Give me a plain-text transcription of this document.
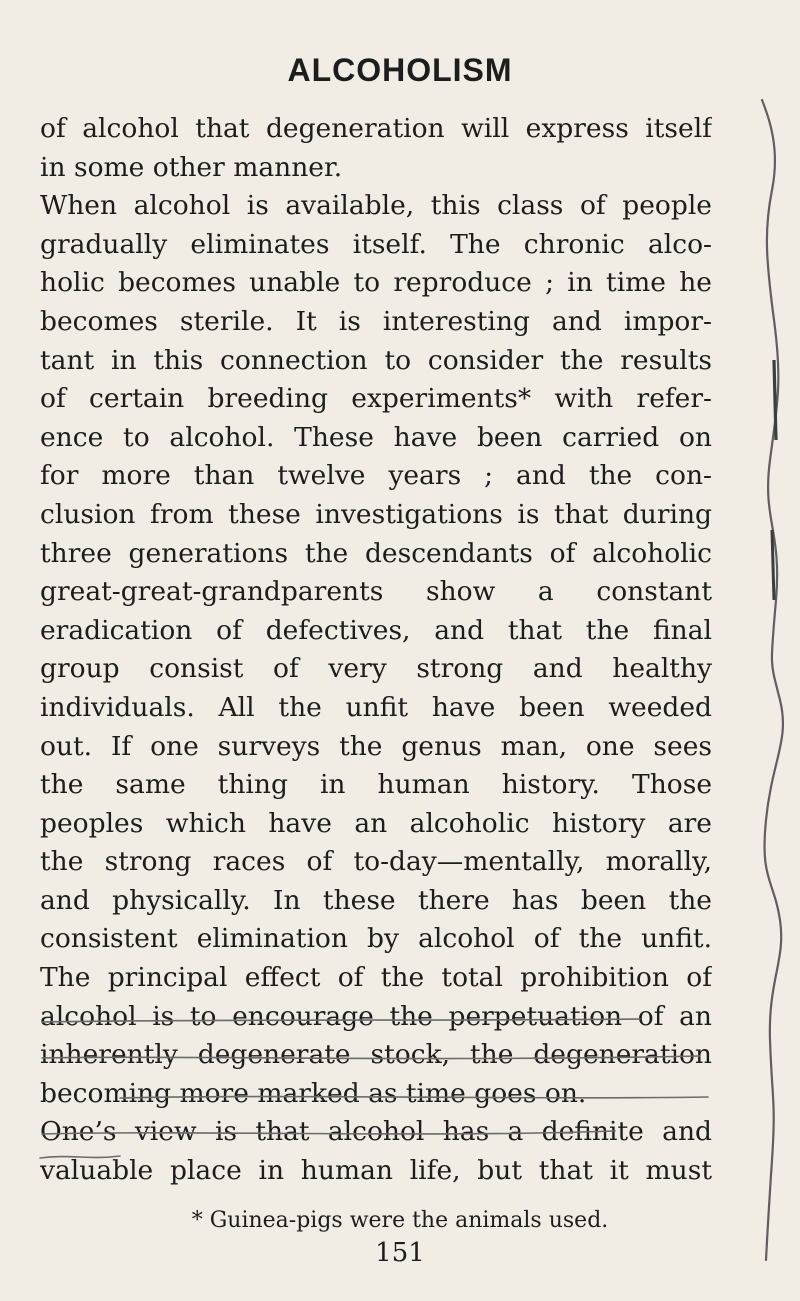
ALCOHOLISM
of alcohol that degeneration will express itself
in some other manner.
When alcohol is available, this class of people
gradually eliminates itself. The chronic alco-
holic becomes unable to reproduce ; in time he
becomes sterile. It is interesting and impor-
tant in this connection to consider the results
of certain breeding experiments* with refer-
ence to alcohol. These have been carried on
for more than twelve years ; and the con-
clusion from these investigations is that during
three generations the descendants of alcoholic
great-great-grandparents show a constant
eradication of defectives, and that the final
group consist of very strong and healthy
individuals. All the unfit have been weeded
out. If one surveys the genus man, one sees
the same thing in human history. Those
peoples which have an alcoholic history are
the strong races of to-day—mentally, morally,
and physically. In these there has been the
consistent elimination by alcohol of the unfit.
The principal effect of the total prohibition of
alcohol is to encourage the perpetuation of an
inherently degenerate stock, the degeneration
becoming more marked as time goes on.
One’s view is that alcohol has a definite and
valuable place in human life, but that it must
* Guinea-pigs were the animals used.
151
